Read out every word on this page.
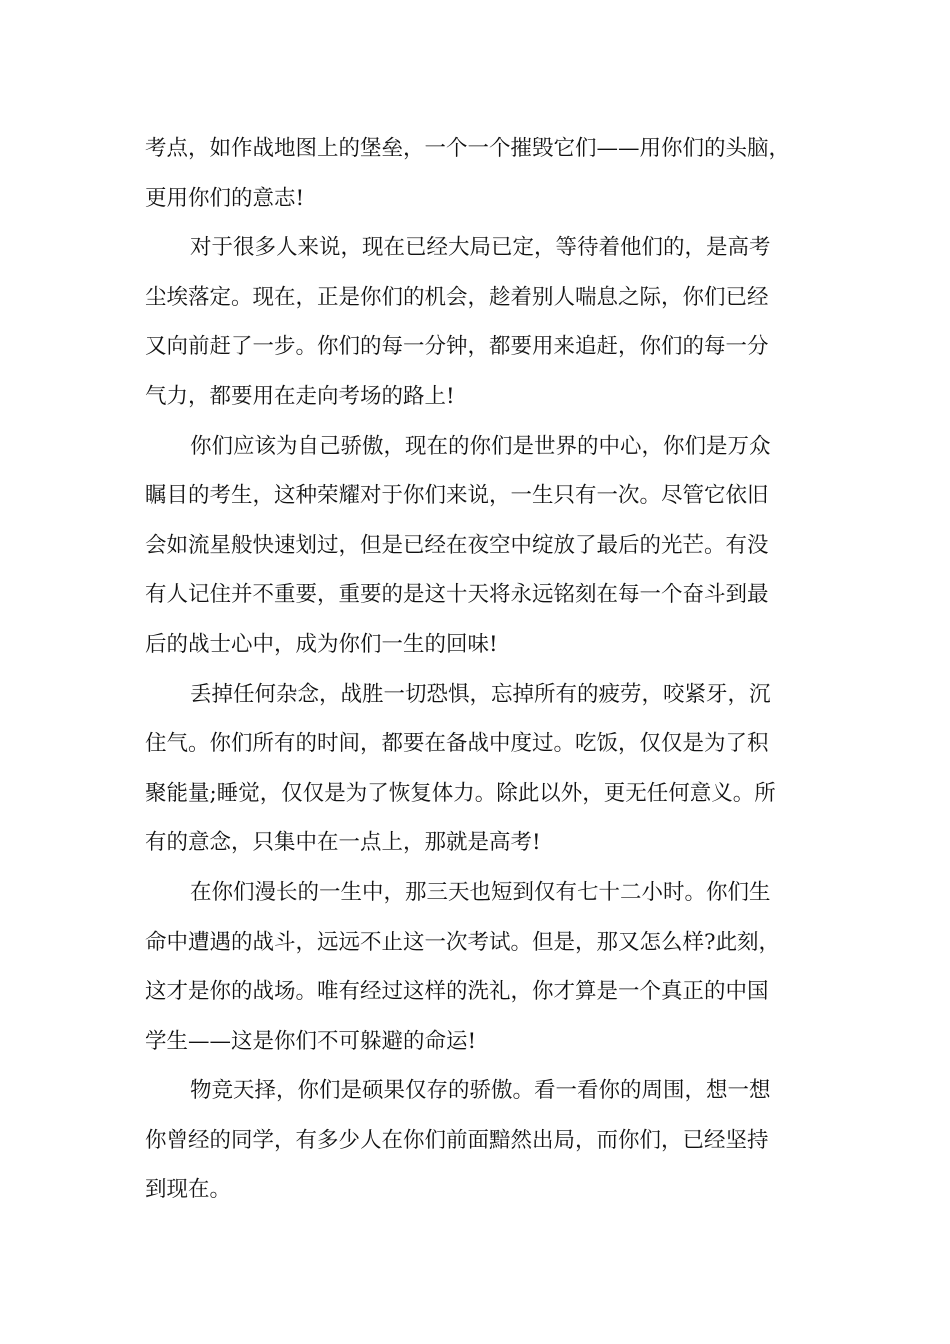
考点，如作战地图上的堡垒，一个一个摧毁它们——用你们的头脑，
更用你们的意志!
对于很多人来说，现在已经大局已定，等待着他们的，是高考
尘埃落定。现在，正是你们的机会，趁着别人喘息之际，你们已经
又向前赶了一步。你们的每一分钟，都要用来追赶，你们的每一分
气力，都要用在走向考场的路上!
你们应该为自己骄傲，现在的你们是世界的中心，你们是万众
瞩目的考生，这种荣耀对于你们来说，一生只有一次。尽管它依旧
会如流星般快速划过，但是已经在夜空中绽放了最后的光芒。有没
有人记住并不重要，重要的是这十天将永远铭刻在每一个奋斗到最
后的战士心中，成为你们一生的回味!
丢掉任何杂念，战胜一切恐惧，忘掉所有的疲劳，咬紧牙，沉
住气。你们所有的时间，都要在备战中度过。吃饭，仅仅是为了积
聚能量;睡觉，仅仅是为了恢复体力。除此以外，更无任何意义。所
有的意念，只集中在一点上，那就是高考!
在你们漫长的一生中，那三天也短到仅有七十二小时。你们生
命中遭遇的战斗，远远不止这一次考试。但是，那又怎么样?此刻，
这才是你的战场。唯有经过这样的洗礼，你才算是一个真正的中国
学生——这是你们不可躲避的命运!
物竞天择，你们是硕果仅存的骄傲。看一看你的周围，想一想
你曾经的同学，有多少人在你们前面黯然出局，而你们，已经坚持
到现在。
